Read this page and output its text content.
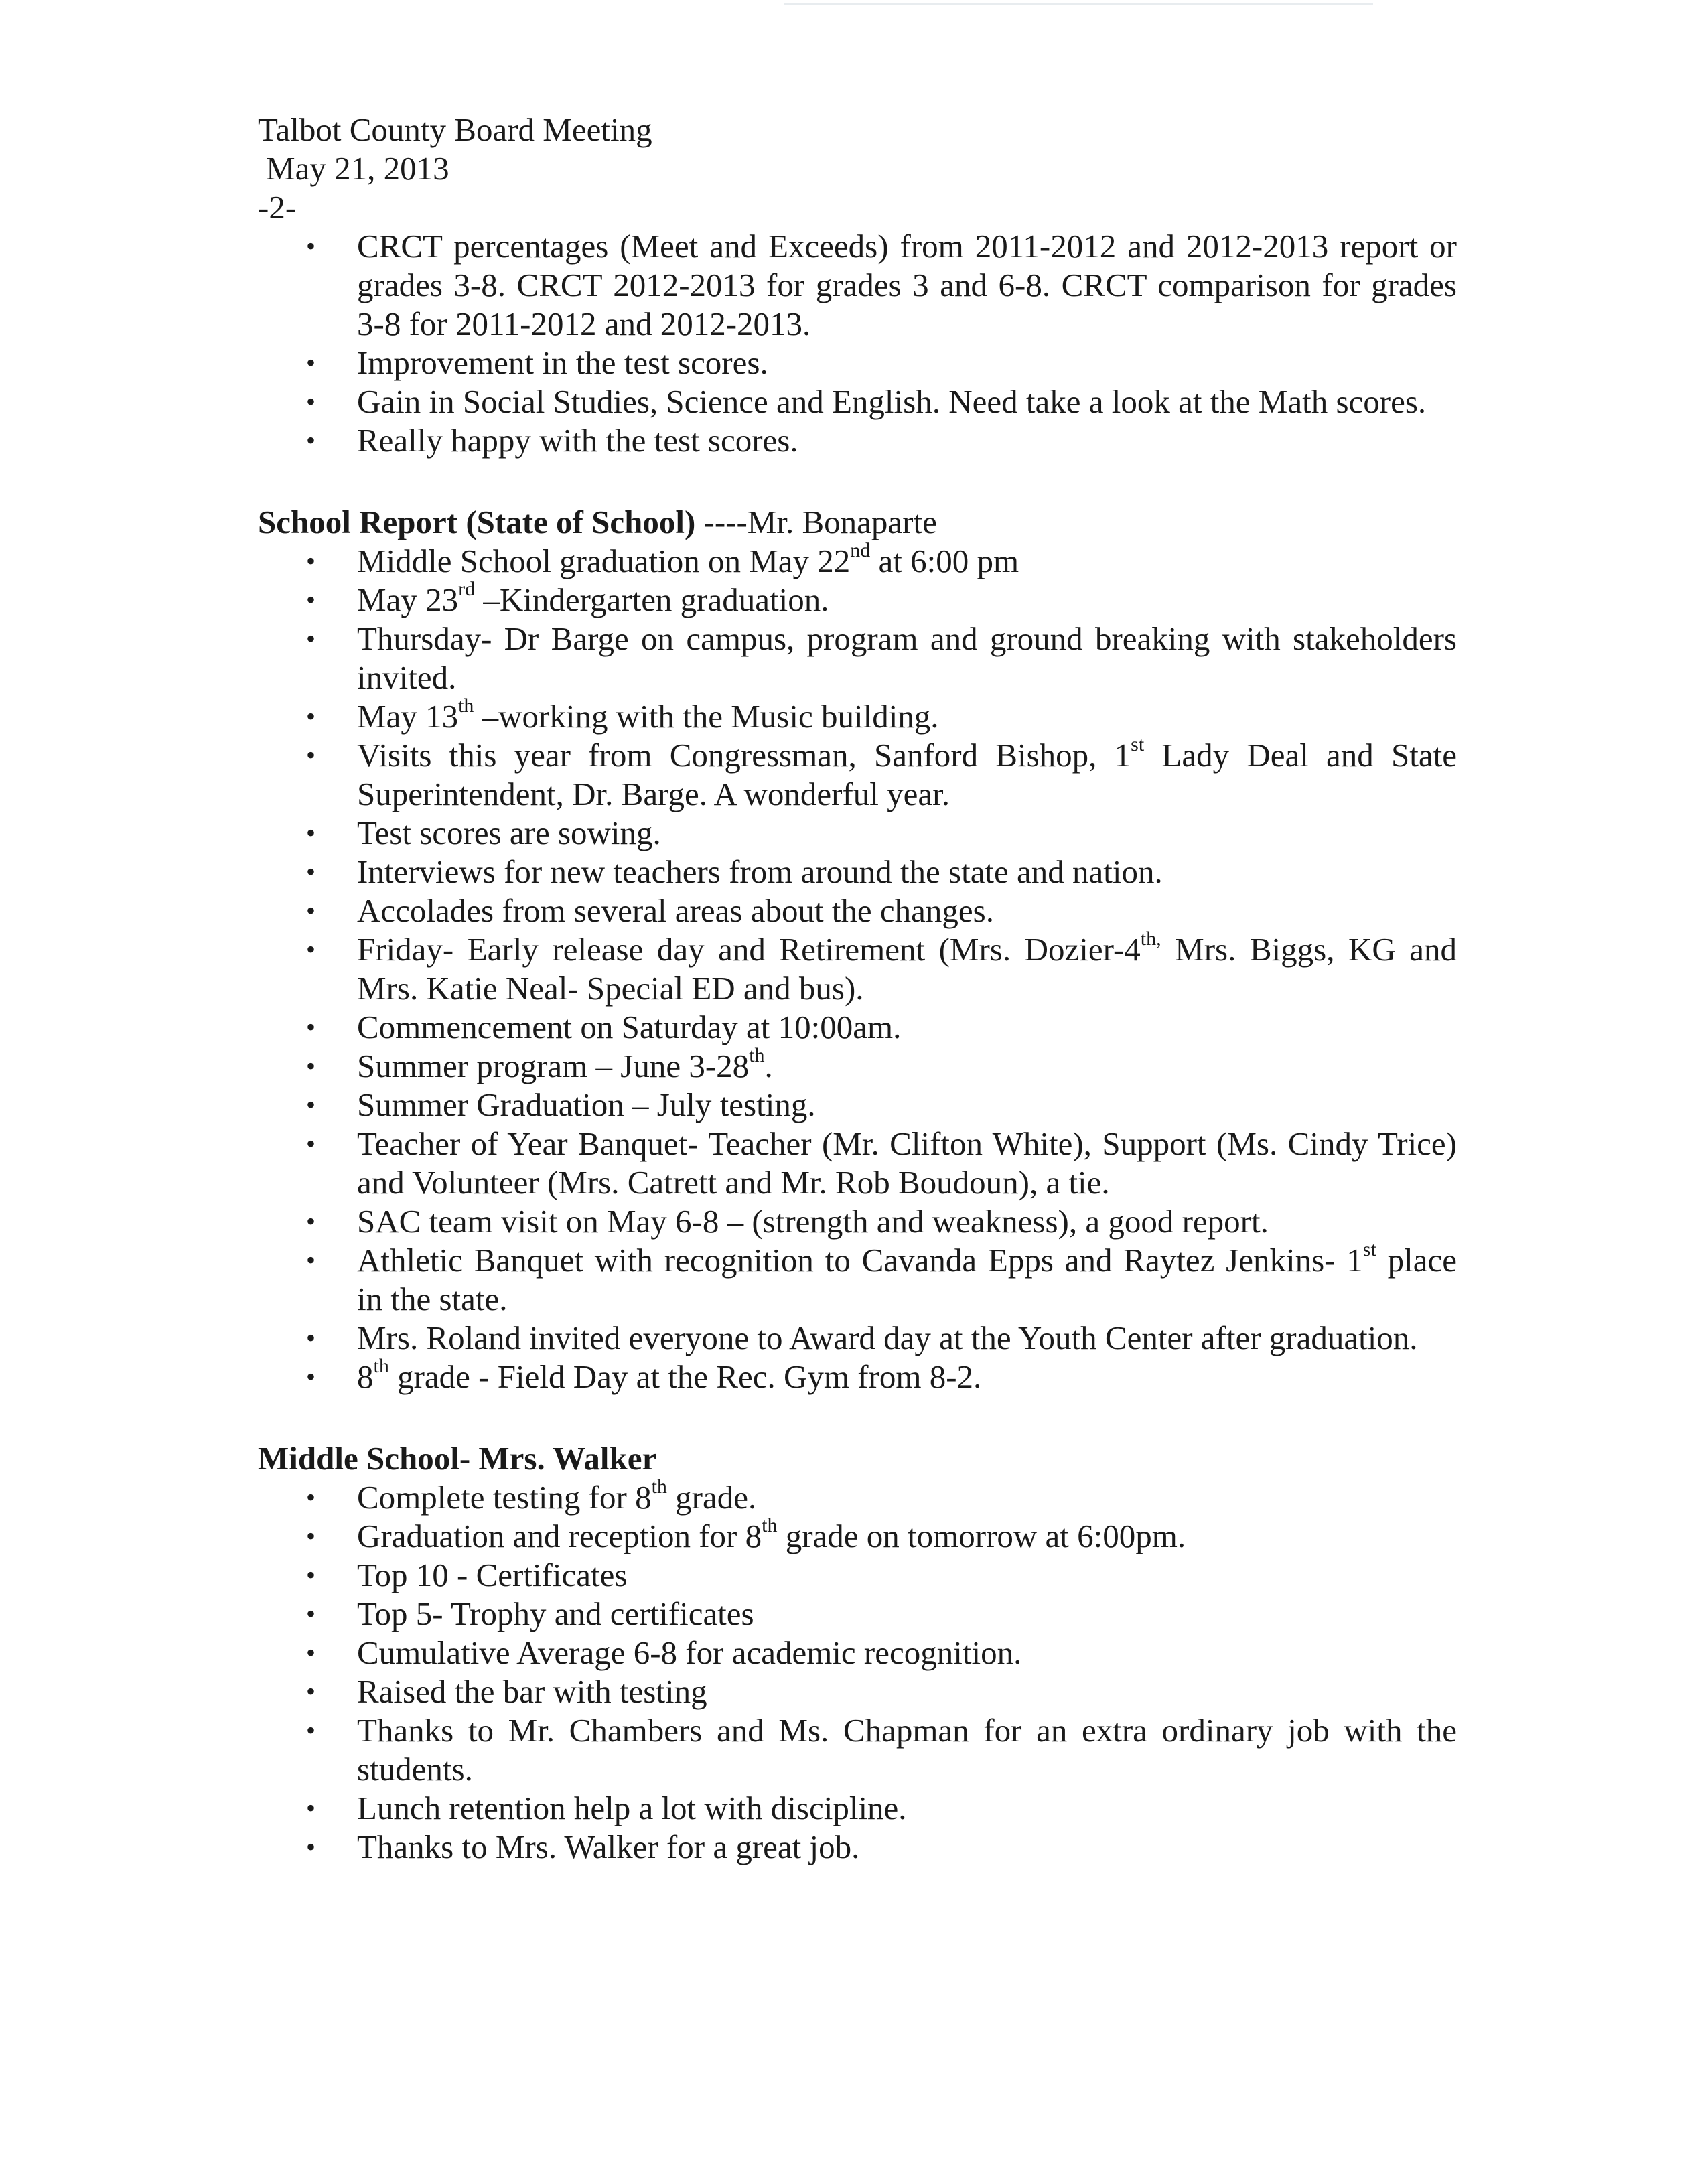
Talbot County Board Meeting

May 21, 2013

-2-

• CRCT percentages (Meet and Exceeds) from 2011-2012 and 2012-2013 report or grades 3-8. CRCT 2012-2013 for grades 3 and 6-8. CRCT comparison for grades 3-8 for 2011-2012 and 2012-2013.
• Improvement in the test scores.
• Gain in Social Studies, Science and English. Need take a look at the Math scores.
• Really happy with the test scores.

School Report (State of School) ----Mr. Bonaparte

• Middle School graduation on May 22nd at 6:00 pm
• May 23rd –Kindergarten graduation.
• Thursday- Dr Barge on campus, program and ground breaking with stakeholders invited.
• May 13th –working with the Music building.
• Visits this year from Congressman, Sanford Bishop, 1st Lady Deal and State Superintendent, Dr. Barge. A wonderful year.
• Test scores are sowing.
• Interviews for new teachers from around the state and nation.
• Accolades from several areas about the changes.
• Friday- Early release day and Retirement (Mrs. Dozier-$4^{th,}$ Mrs. Biggs, KG and Mrs. Katie Neal- Special ED and bus).
• Commencement on Saturday at 10:00am.
• Summer program – June 3-28th.
• Summer Graduation – July testing.
• Teacher of Year Banquet- Teacher (Mr. Clifton White), Support (Ms. Cindy Trice) and Volunteer (Mrs. Catrett and Mr. Rob Boudoun), a tie.
• SAC team visit on May 6-8 – (strength and weakness), a good report.
• Athletic Banquet with recognition to Cavanda Epps and Raytez Jenkins- 1st place in the state.
• Mrs. Roland invited everyone to Award day at the Youth Center after graduation.
• 8th grade - Field Day at the Rec. Gym from 8-2.

Middle School- Mrs. Walker

• Complete testing for 8th grade.
• Graduation and reception for 8th grade on tomorrow at 6:00pm.
• Top 10 - Certificates
• Top 5- Trophy and certificates
• Cumulative Average 6-8 for academic recognition.
• Raised the bar with testing
• Thanks to Mr. Chambers and Ms. Chapman for an extra ordinary job with the students.
• Lunch retention help a lot with discipline.
• Thanks to Mrs. Walker for a great job.
